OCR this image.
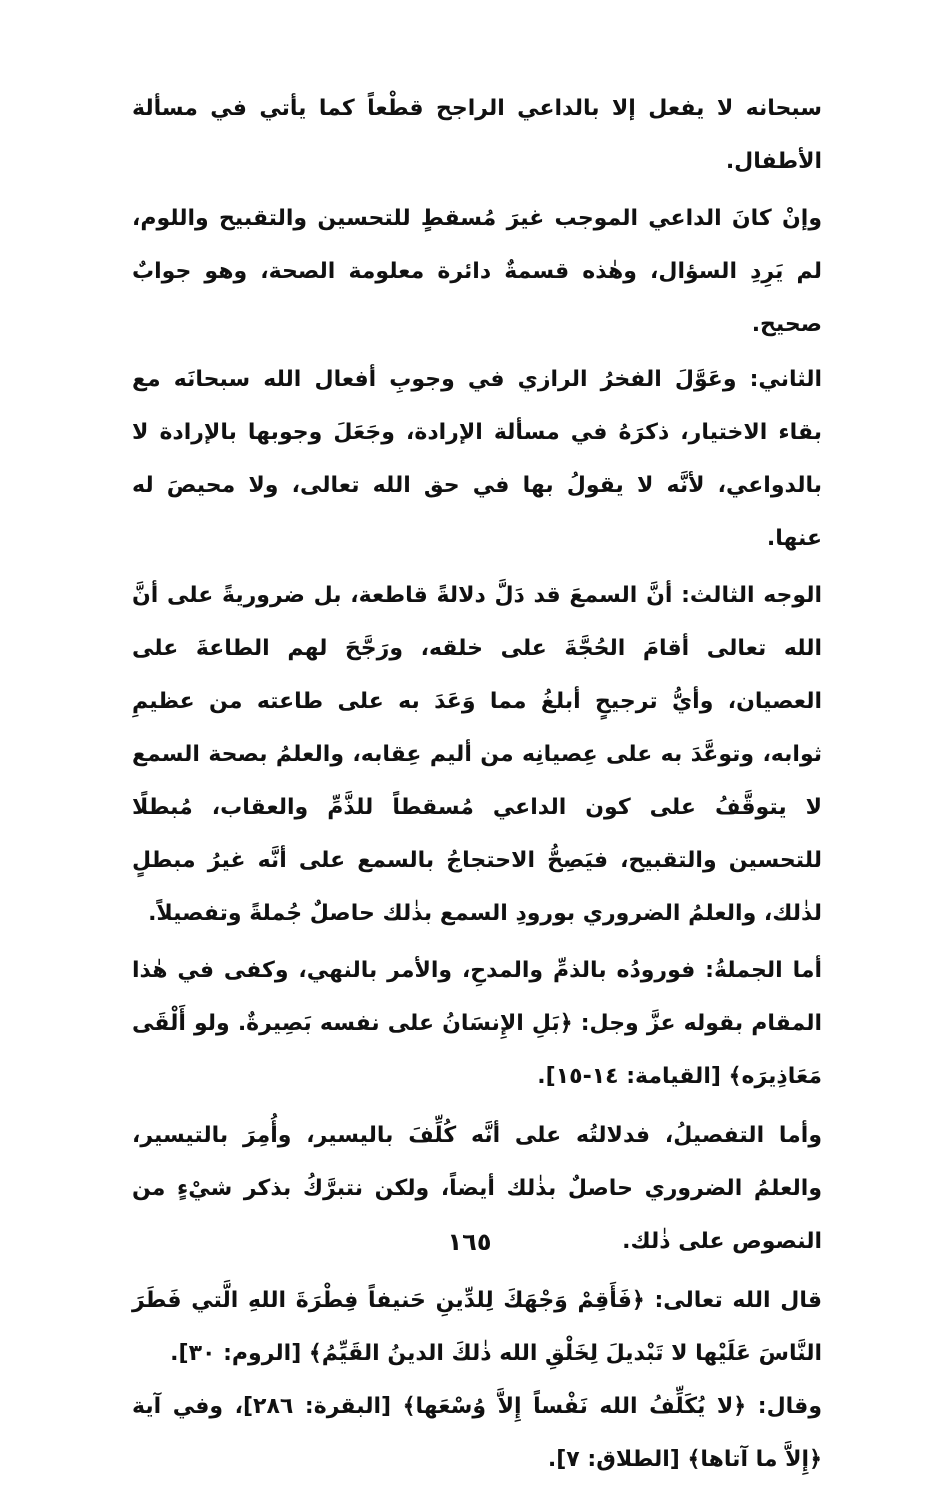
سبحانه لا يفعل إلا بالداعي الراجح قطْعاً كما يأتي في مسألة الأطفال.

وإنْ كانَ الداعي الموجب غيرَ مُسقطٍ للتحسين والتقبيح واللوم، لم يَرِدِ السؤال، وهٰذه قسمةٌ دائرة معلومة الصحة، وهو جوابٌ صحيح.

الثاني: وعَوَّلَ الفخرُ الرازي في وجوبِ أفعال الله سبحانَه مع بقاء الاختيار، ذكرَهُ في مسألة الإرادة، وجَعَلَ وجوبها بالإرادة لا بالدواعي، لأنَّه لا يقولُ بها في حق الله تعالى، ولا محيصَ له عنها.

الوجه الثالث: أنَّ السمعَ قد دَلَّ دلالةً قاطعة، بل ضروريةً على أنَّ الله تعالى أقامَ الحُجَّةَ على خلقه، ورَجَّحَ لهم الطاعةَ على العصيان، وأيُّ ترجيحٍ أبلغُ مما وَعَدَ به على طاعته من عظيمِ ثوابه، وتوعَّدَ به على عِصيانِه من أليم عِقابه، والعلمُ بصحة السمع لا يتوقَّفُ على كون الداعي مُسقطاً للذَّمِّ والعقاب، مُبطلًا للتحسين والتقبيح، فيَصِحُّ الاحتجاجُ بالسمع على أنَّه غيرُ مبطلٍ لذٰلك، والعلمُ الضروري بورودِ السمع بذٰلك حاصلٌ جُملةً وتفصيلاً.

أما الجملةُ: فورودُه بالذمِّ والمدحِ، والأمر بالنهي، وكفى في هٰذا المقام بقوله عزَّ وجل: ﴿بَلِ الإِنسَانُ على نفسه بَصِيرةٌ. ولو أَلْقَى مَعَاذِيرَه﴾ [القيامة: ١٤-١٥].

وأما التفصيلُ، فدلالتُه على أنَّه كُلِّفَ باليسير، وأُمِرَ بالتيسير، والعلمُ الضروري حاصلٌ بذٰلك أيضاً، ولكن نتبرَّكُ بذكر شيْءٍ من النصوص على ذٰلك.

قال الله تعالى: ﴿فَأَقِمْ وَجْهَكَ لِلدِّينِ حَنيفاً فِطْرَةَ اللهِ الَّتي فَطَرَ النَّاسَ عَلَيْها لا تَبْديلَ لِخَلْقِ الله ذٰلكَ الدينُ القَيِّمُ﴾ [الروم: ٣٠].

وقال: ﴿لا يُكَلِّفُ الله نَفْساً إِلاَّ وُسْعَها﴾ [البقرة: ٢٨٦]، وفي آية ﴿إِلاَّ ما آتاها﴾ [الطلاق: ٧].

١٦٥
